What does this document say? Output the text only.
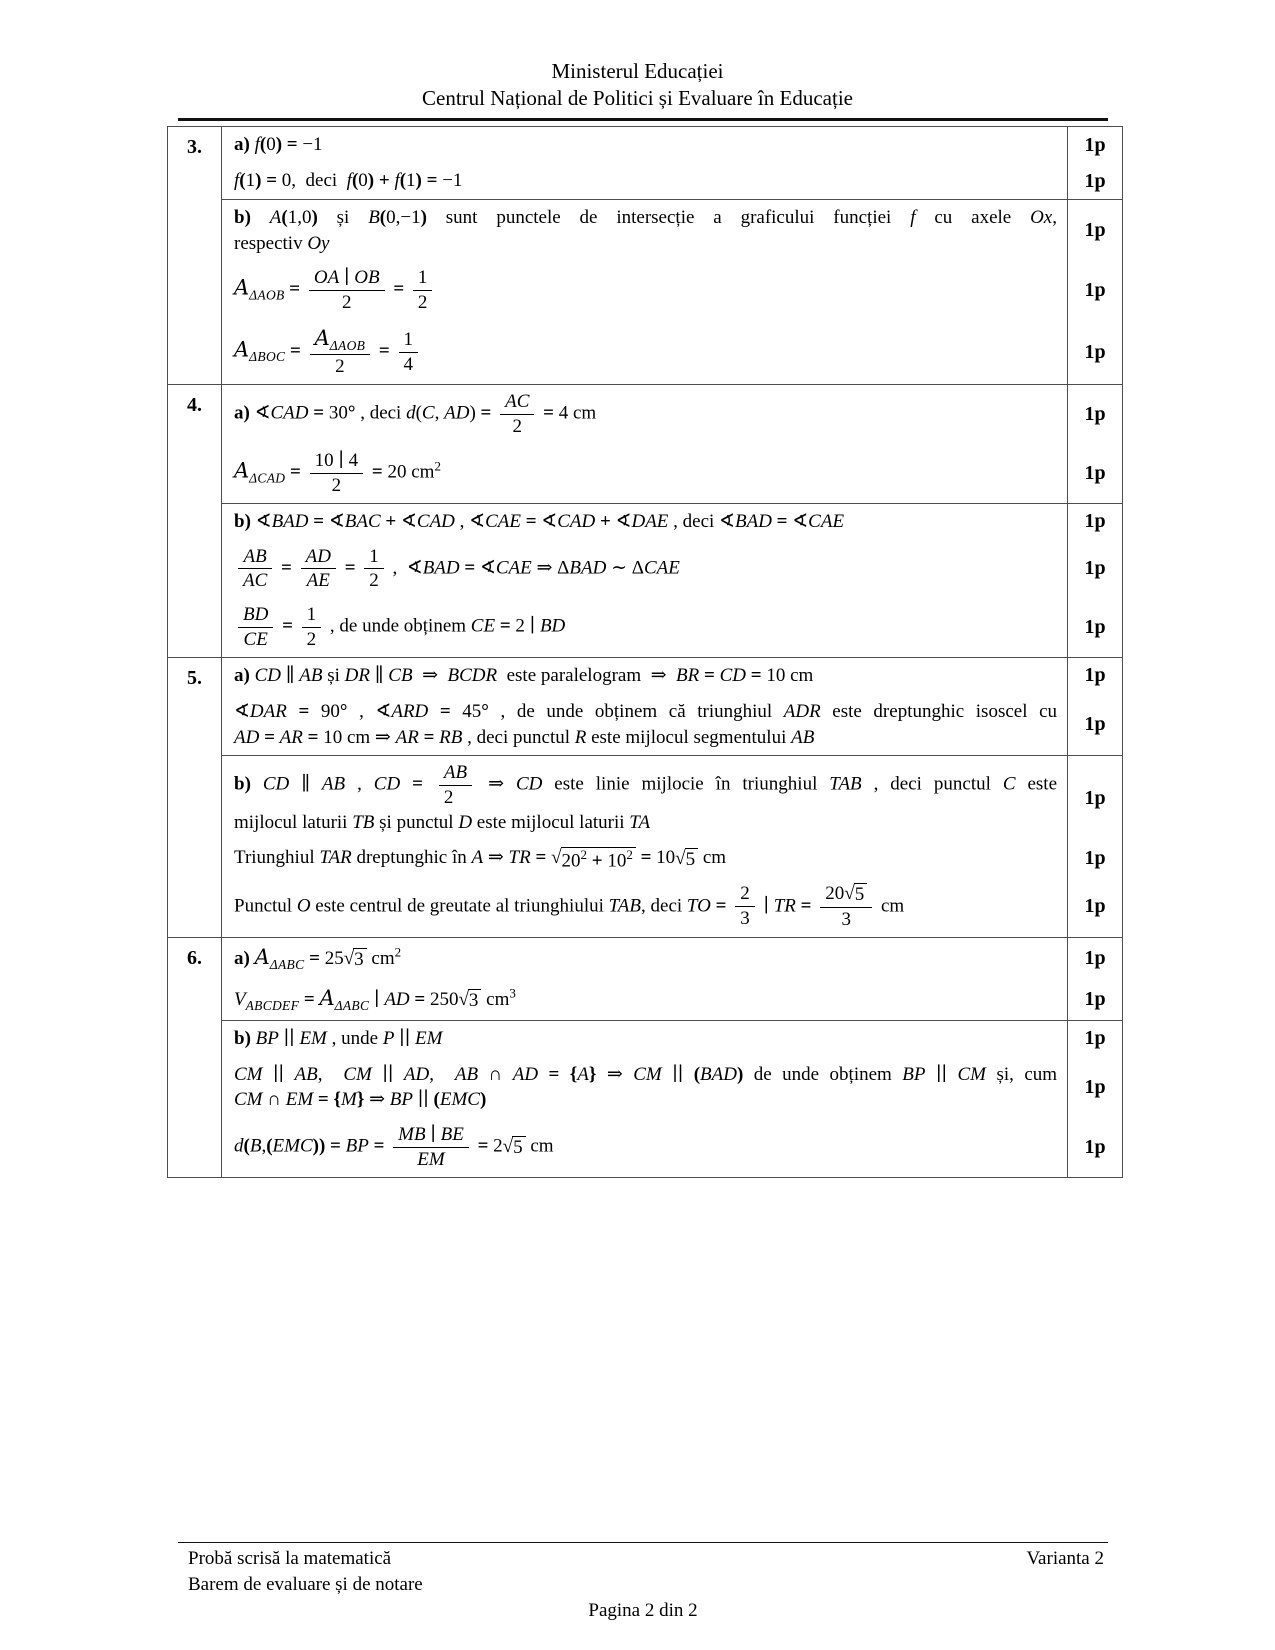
Ministerul Educației
Centrul Național de Politici și Evaluare în Educație
3.	a) f(0) = −1	1p
f(1) = 0,  deci  f(0) + f(1) = −1	1p
b) A(1,0) și B(0,−1) sunt punctele de intersecție a graficului funcției f cu axele Ox,
respectiv Oy
1p
$A_{\Delta AOB} = \frac{OA ∣ OB}{2} = \frac{1}{2}$	1p
$A_{\Delta BOC} = \frac{A_{\Delta AOB}}{2} = \frac{1}{4}$	1p
4.	a) ∢CAD = 30° , deci d(C, $AD) = \frac{AC}{2} = 4$ cm	1p
$A_{\Delta CAD} = \frac{10 ∣ 4}{2} = 20$ $cm^2$	1p
b) ∢BAD = ∢BAC + ∢CAD , ∢CAE = ∢CAD + ∢DAE , deci ∢BAD = ∢CAE	1p
$\frac{AB}{AC} = \frac{AD}{AE} = \frac{1}{2}$ ,  ∢BAD = ∢CAE ⇒ ΔBAD ∼ ΔCAE	1p
$\frac{BD}{CE} = \frac{1}{2}$ , de unde obținem CE = 2 ∣ BD	1p
5.	a) CD ∥ AB și DR ∥ CB  ⇒  BCDR  este paralelogram  ⇒  BR = CD = 10 cm	1p
∢DAR = 90° , ∢ARD = 45° , de unde obținem că triunghiul ADR este dreptunghic isoscel cu
AD = AR = 10 cm ⇒ AR = RB , deci punctul R este mijlocul segmentului AB
1p
b) CD ∥ AB , CD = $\frac{AB}{2}$ ⇒ CD este linie mijlocie în triunghiul TAB , deci punctul C este
mijlocul laturii TB și punctul D este mijlocul laturii TA
1p
Triunghiul TAR dreptunghic în A ⇒ TR = √ $20^2 + 10^2 = 10$ √ 5 cm	1p
Punctul O este centrul de greutate al triunghiului TAB, deci TO = $\frac{2}{3}$ ∣ TR = $\frac{20 √ 5}{3}$ cm	1p
6.	a) $A_{\Delta ABC} = 25$ √ 3 $cm^2$	1p
$V_{ABCDEF} = A_{\Delta ABC}$ ∣ AD = 250 √ 3 $cm^3$	1p
b) BP ∣∣ EM , unde P ∣∣ EM	1p
CM ∣∣ AB,  CM ∣∣ AD,  AB ∩ AD = {A} ⇒ CM ∣∣ (BAD) de unde obținem BP ∣∣ CM și, cum
CM ∩ EM = {M} ⇒ BP ∣∣ (EMC)
1p
d(B,(EMC)) = BP = $\frac{MB ∣ BE}{EM} = 2$ √ 5 cm	1p
Probă scrisă la matematică
Barem de evaluare și de notare
Varianta 2
Pagina 2 din 2
